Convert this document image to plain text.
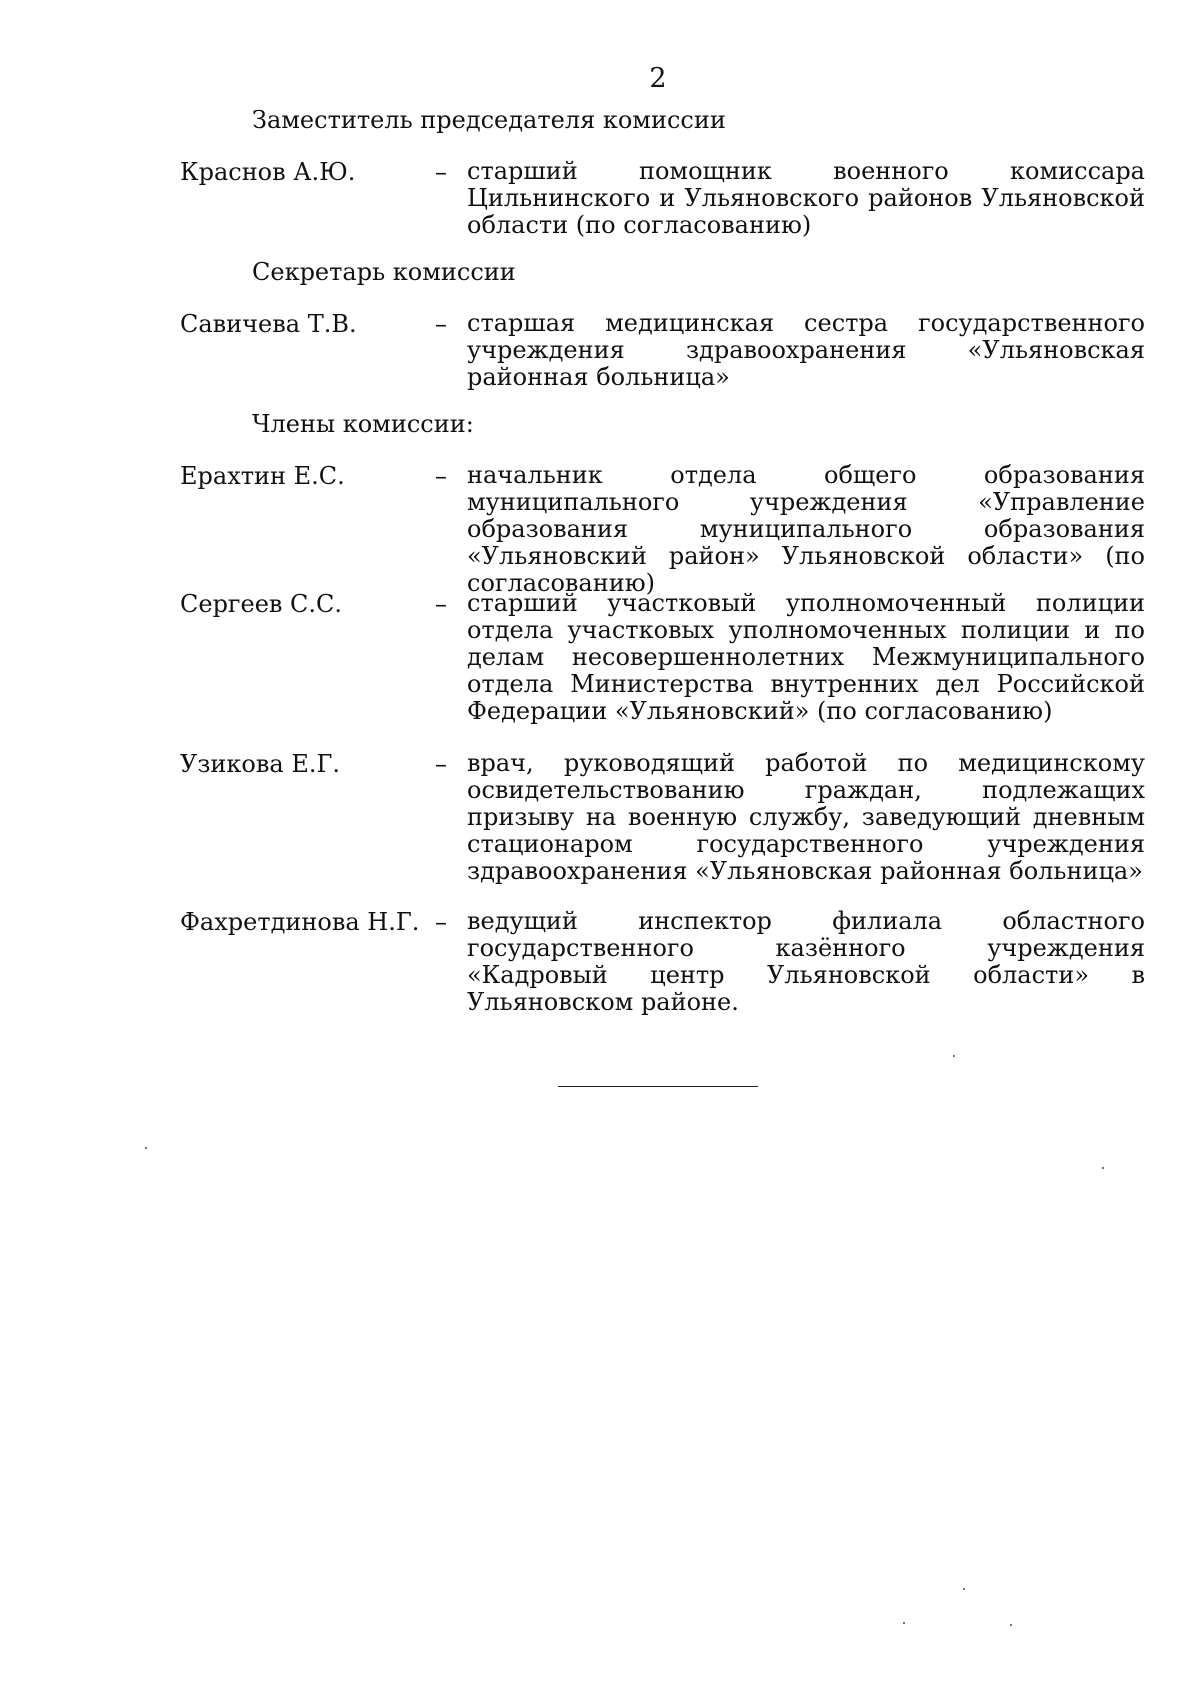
2
Заместитель председателя комиссии
Краснов А.Ю.	– старший помощник военного комиссара Цильнинского и Ульяновского районов Ульяновской области (по согласованию)
Секретарь комиссии
Савичева Т.В.	– старшая медицинская сестра государственного учреждения здравоохранения «Ульяновская районная больница»
Члены комиссии:
Ерахтин Е.С.	– начальник отдела общего образования муниципального учреждения «Управление образования муниципального образования «Ульяновский район» Ульяновской области» (по согласованию)
Сергеев С.С.	– старший участковый уполномоченный полиции отдела участковых уполномоченных полиции и по делам несовершеннолетних Межмуниципального отдела Министерства внутренних дел Российской Федерации «Ульяновский» (по согласованию)
Узикова Е.Г.	– врач, руководящий работой по медицинскому освидетельствованию граждан, подлежащих призыву на военную службу, заведующий дневным стационаром государственного учреждения здравоохранения «Ульяновская районная больница»
Фахретдинова Н.Г. – ведущий инспектор филиала областного государственного казённого учреждения «Кадровый центр Ульяновской области» в Ульяновском районе.
